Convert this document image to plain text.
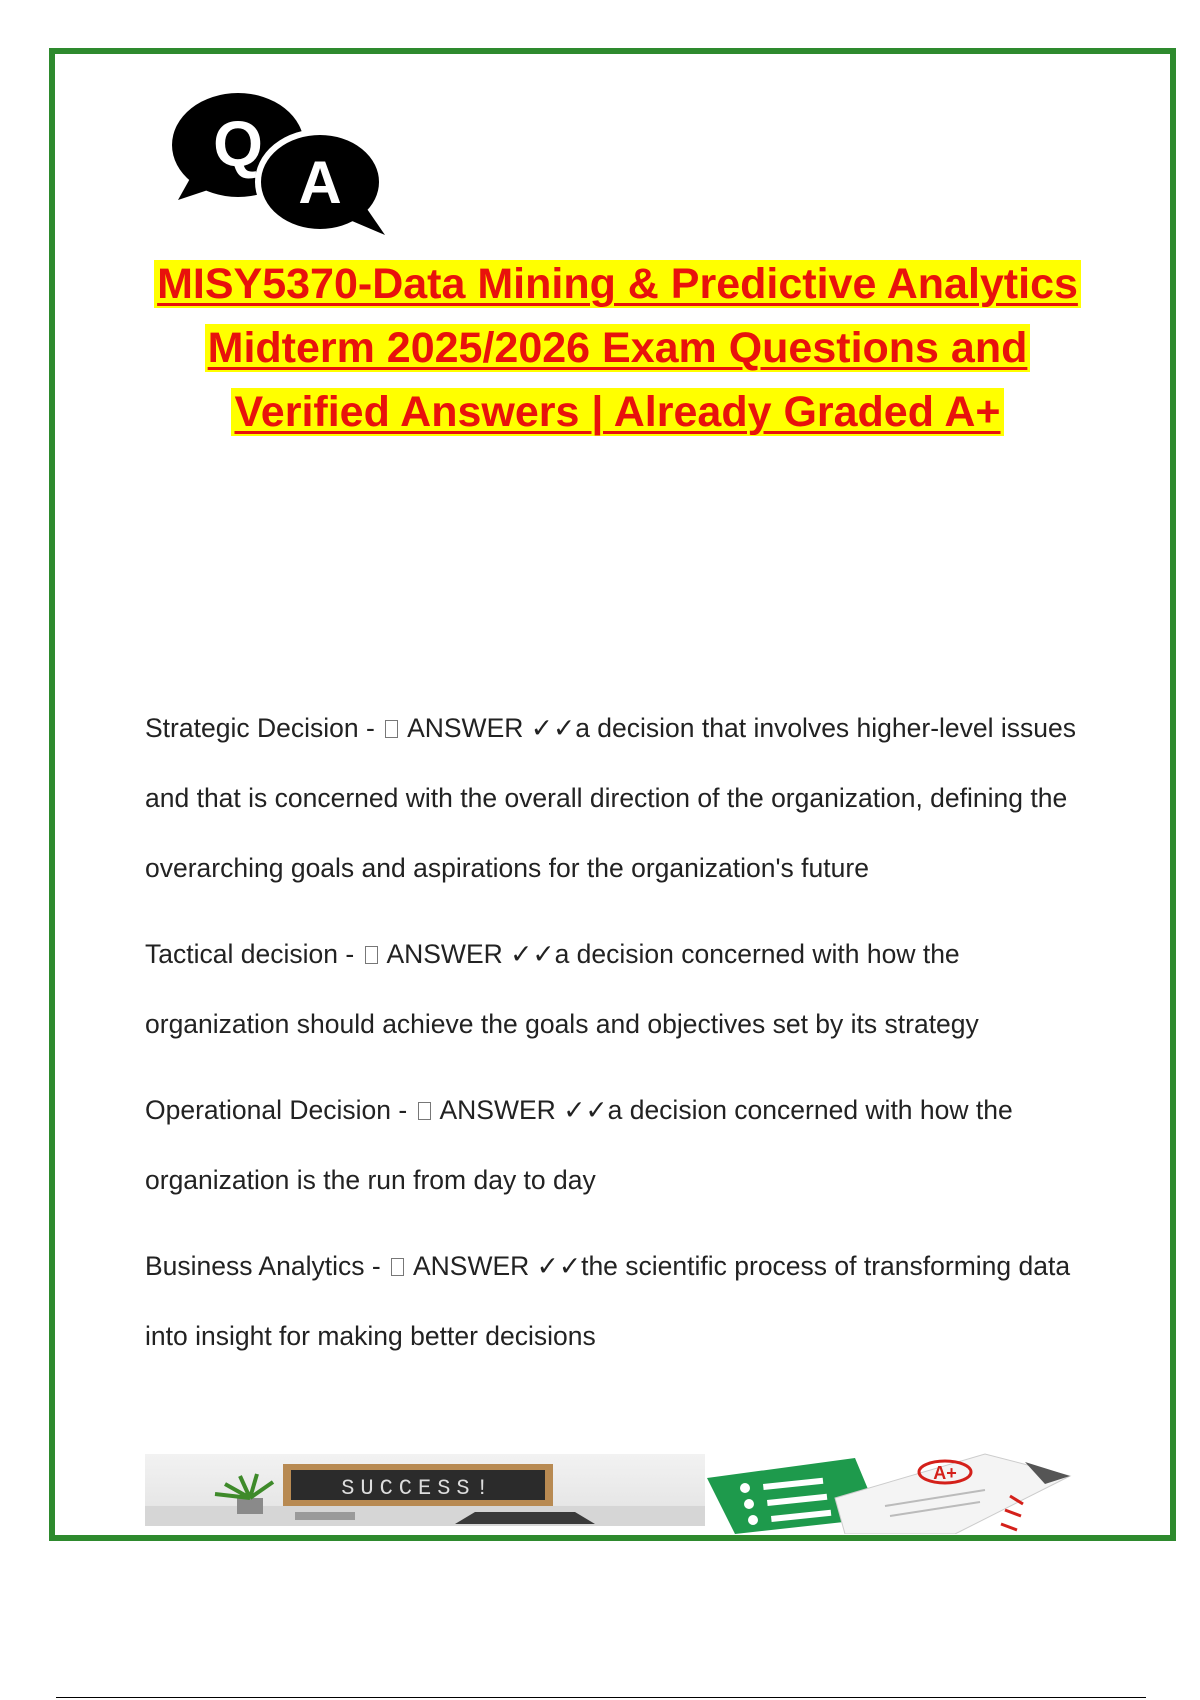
Q
A
MISY5370-Data Mining & Predictive Analytics Midterm 2025/2026 Exam Questions and Verified Answers | Already Graded A+

Strategic Decision - ANSWER ✓✓a decision that involves higher-level issues and that is concerned with the overall direction of the organization, defining the overarching goals and aspirations for the organization's future

Tactical decision - ANSWER ✓✓a decision concerned with how the organization should achieve the goals and objectives set by its strategy

Operational Decision - ANSWER ✓✓a decision concerned with how the organization is the run from day to day

Business Analytics - ANSWER ✓✓the scientific process of transforming data into insight for making better decisions

SUCCESS!
A+
